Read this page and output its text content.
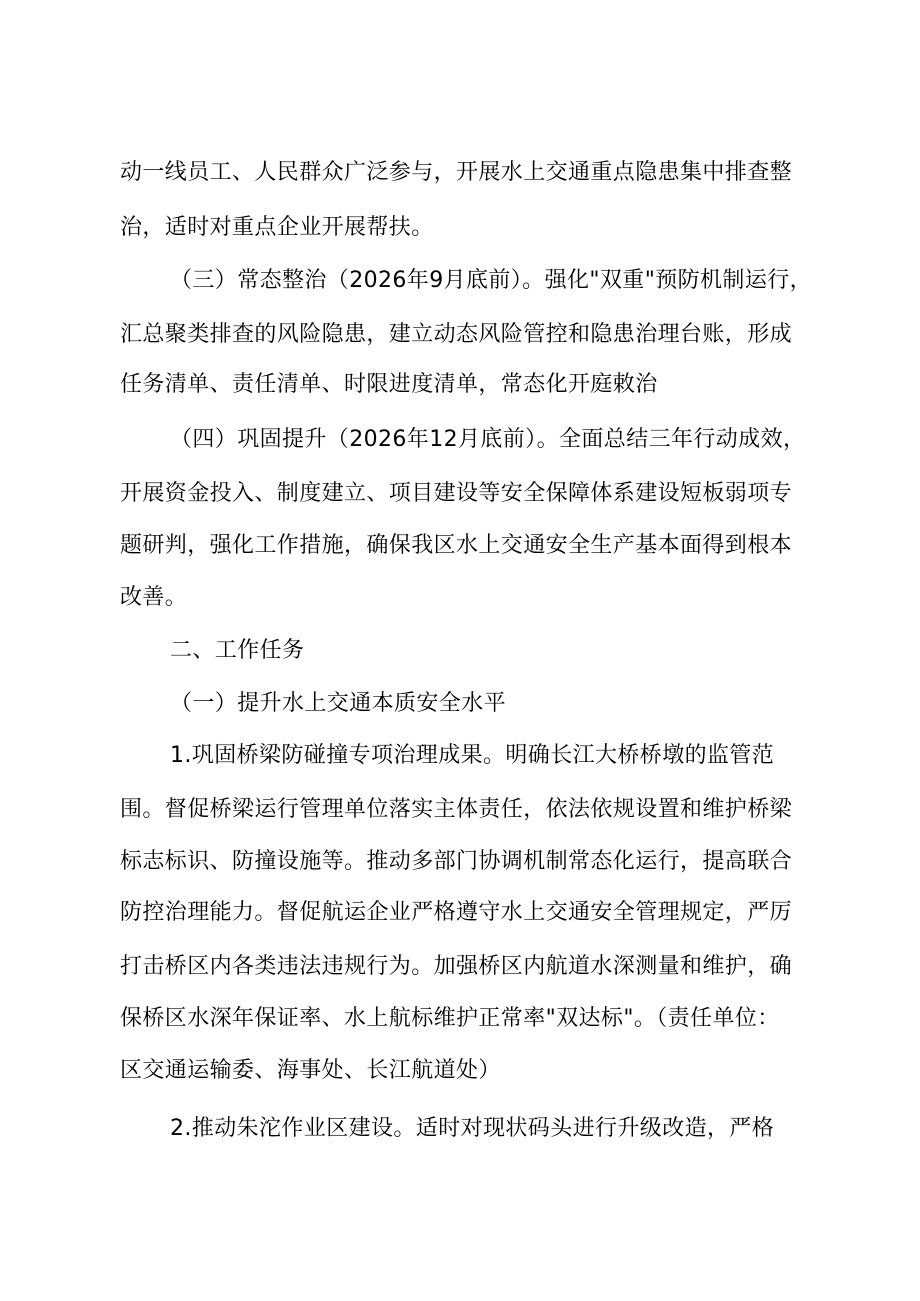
动一线员工、人民群众广泛参与，开展水上交通重点隐患集中排查整
治，适时对重点企业开展帮扶。
（三）常态整治（2026年9月底前）。强化"双重"预防机制运行，
汇总聚类排查的风险隐患，建立动态风险管控和隐患治理台账，形成
任务清单、责任清单、时限进度清单，常态化开庭敕治
（四）巩固提升（2026年12月底前）。全面总结三年行动成效，
开展资金投入、制度建立、项目建设等安全保障体系建设短板弱项专
题研判，强化工作措施，确保我区水上交通安全生产基本面得到根本
改善。
二、工作任务
（一）提升水上交通本质安全水平
1.巩固桥梁防碰撞专项治理成果。明确长江大桥桥墩的监管范
围。督促桥梁运行管理单位落实主体责任，依法依规设置和维护桥梁
标志标识、防撞设施等。推动多部门协调机制常态化运行，提高联合
防控治理能力。督促航运企业严格遵守水上交通安全管理规定，严厉
打击桥区内各类违法违规行为。加强桥区内航道水深测量和维护，确
保桥区水深年保证率、水上航标维护正常率"双达标"。（责任单位：
区交通运输委、海事处、长江航道处）
2.推动朱沱作业区建设。适时对现状码头进行升级改造，严格
